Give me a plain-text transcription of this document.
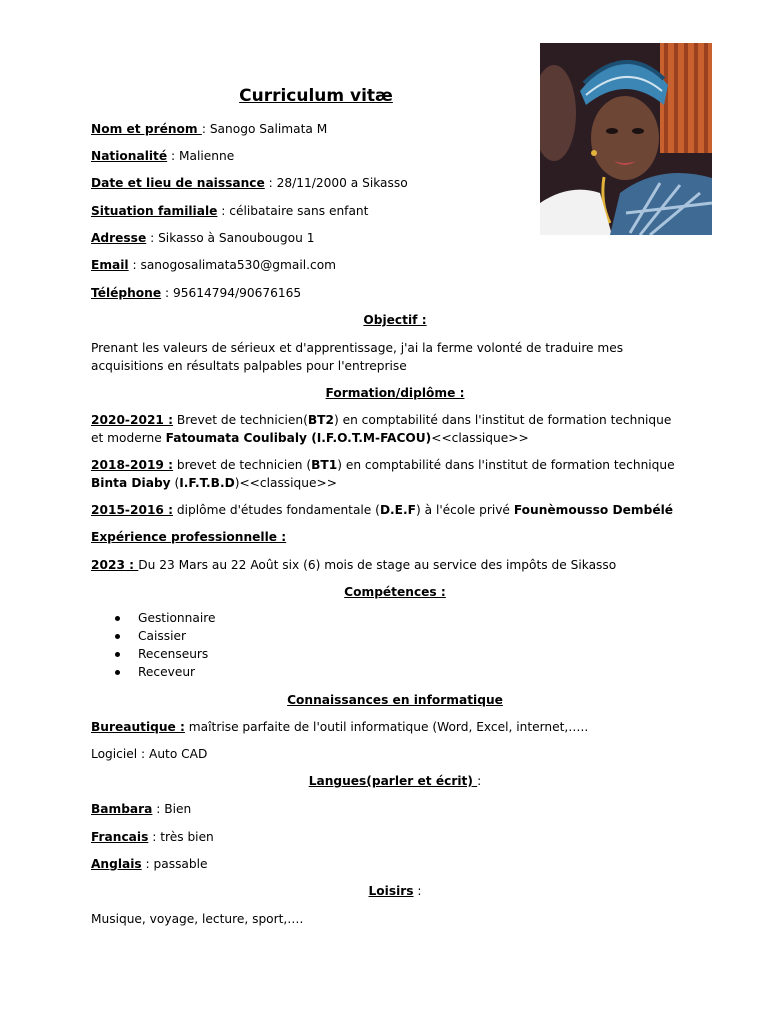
Curriculum vitæ
Nom et prénom : Sanogo Salimata M
Nationalité : Malienne
Date et lieu de naissance : 28/11/2000 a Sikasso
Situation familiale : célibataire sans enfant
Adresse : Sikasso à Sanoubougou 1
Email : sanogosalimata530@gmail.com
Téléphone : 95614794/90676165
Objectif :
Prenant les valeurs de sérieux et d'apprentissage, j'ai la ferme volonté de traduire mes acquisitions en résultats palpables pour l'entreprise
Formation/diplôme :
2020-2021 : Brevet de technicien(BT2) en comptabilité dans l'institut de formation technique et moderne Fatoumata Coulibaly (I.F.O.T.M-FACOU)<<classique>>
2018-2019 : brevet de technicien (BT1) en comptabilité dans l'institut de formation technique Binta Diaby (I.F.T.B.D)<<classique>>
2015-2016 : diplôme d'études fondamentale (D.E.F) à l'école privé Founèmousso Dembélé
Expérience professionnelle :
2023 : Du 23 Mars au 22 Août six (6) mois de stage au service des impôts de Sikasso
Compétences :
Gestionnaire
Caissier
Recenseurs
Receveur
Connaissances en informatique
Bureautique : maîtrise parfaite de l'outil informatique (Word, Excel, internet,…..
Logiciel : Auto CAD
Langues(parler et écrit) :
Bambara : Bien
Francais : très bien
Anglais : passable
Loisirs :
Musique, voyage, lecture, sport,….
